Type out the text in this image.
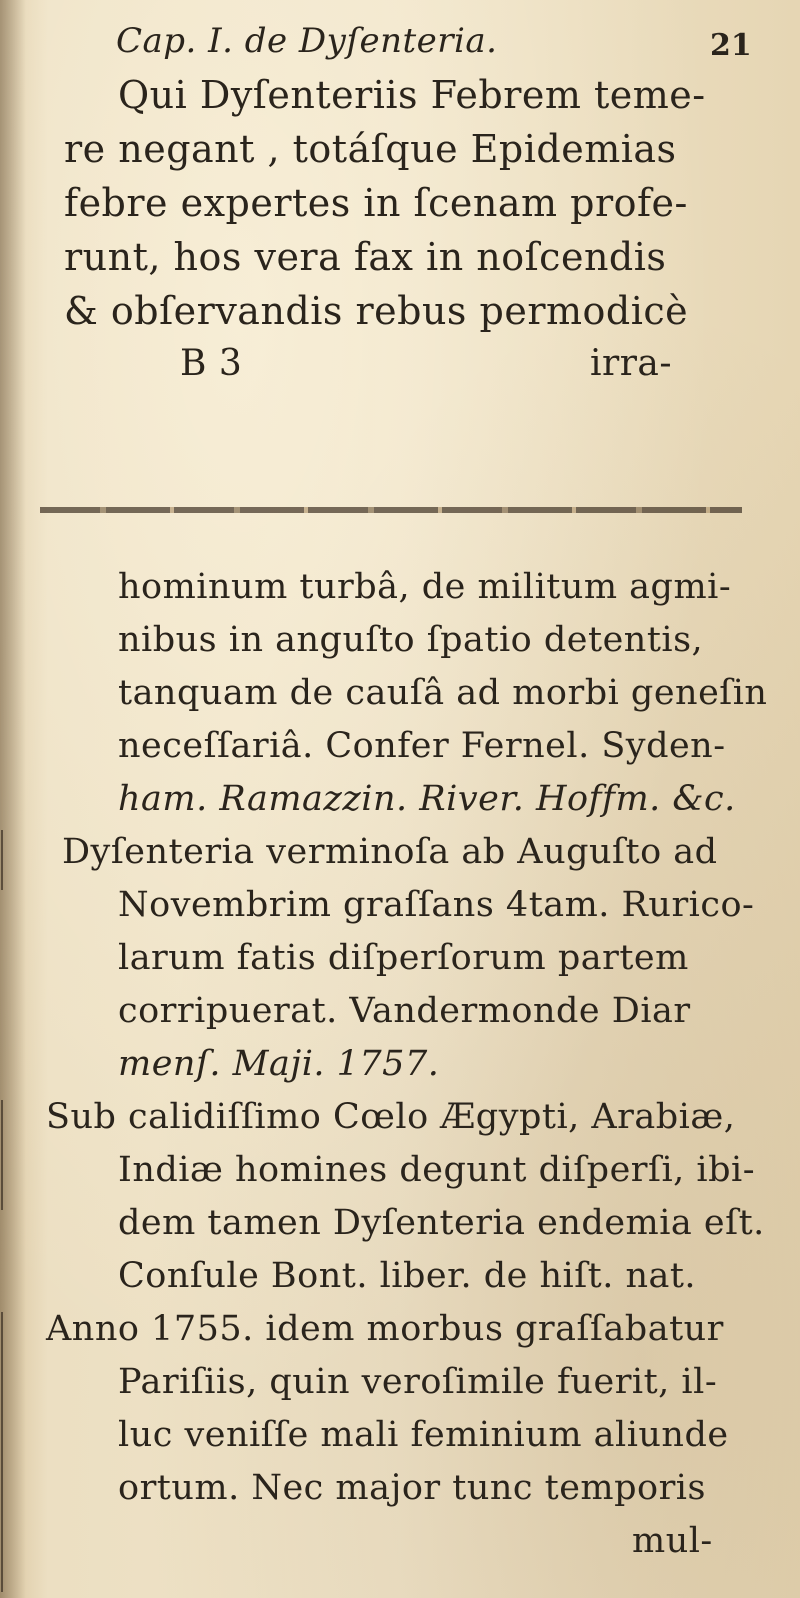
Cap. I. de Dyſenteria.	21
Qui Dyſenteriis Febrem teme-
re negant , totáſque Epidemias
febre expertes in ſcenam profe-
runt, hos vera fax in noſcendis
& obſervandis rebus permodicè
B 3	irra-
hominum turbâ, de militum agmi-
nibus in anguſto ſpatio detentis,
tanquam de cauſâ ad morbi geneſin
neceſſariâ. Confer Fernel. Syden-
ham. Ramazzin. River. Hoffm. &c.
Dyſenteria verminoſa ab Auguſto ad
Novembrim graſſans 4tam. Rurico-
larum fatis diſperſorum partem
corripuerat. Vandermonde Diar
menſ. Maji. 1757.
Sub calidiſſimo Cœlo Ægypti, Arabiæ,
Indiæ homines degunt diſperſi, ibi-
dem tamen Dyſenteria endemia eſt.
Conſule Bont. liber. de hiſt. nat.
Anno 1755. idem morbus graſſabatur
Pariſiis, quin veroſimile fuerit, il-
luc veniſſe mali feminium aliunde
ortum. Nec major tunc temporis
mul-
